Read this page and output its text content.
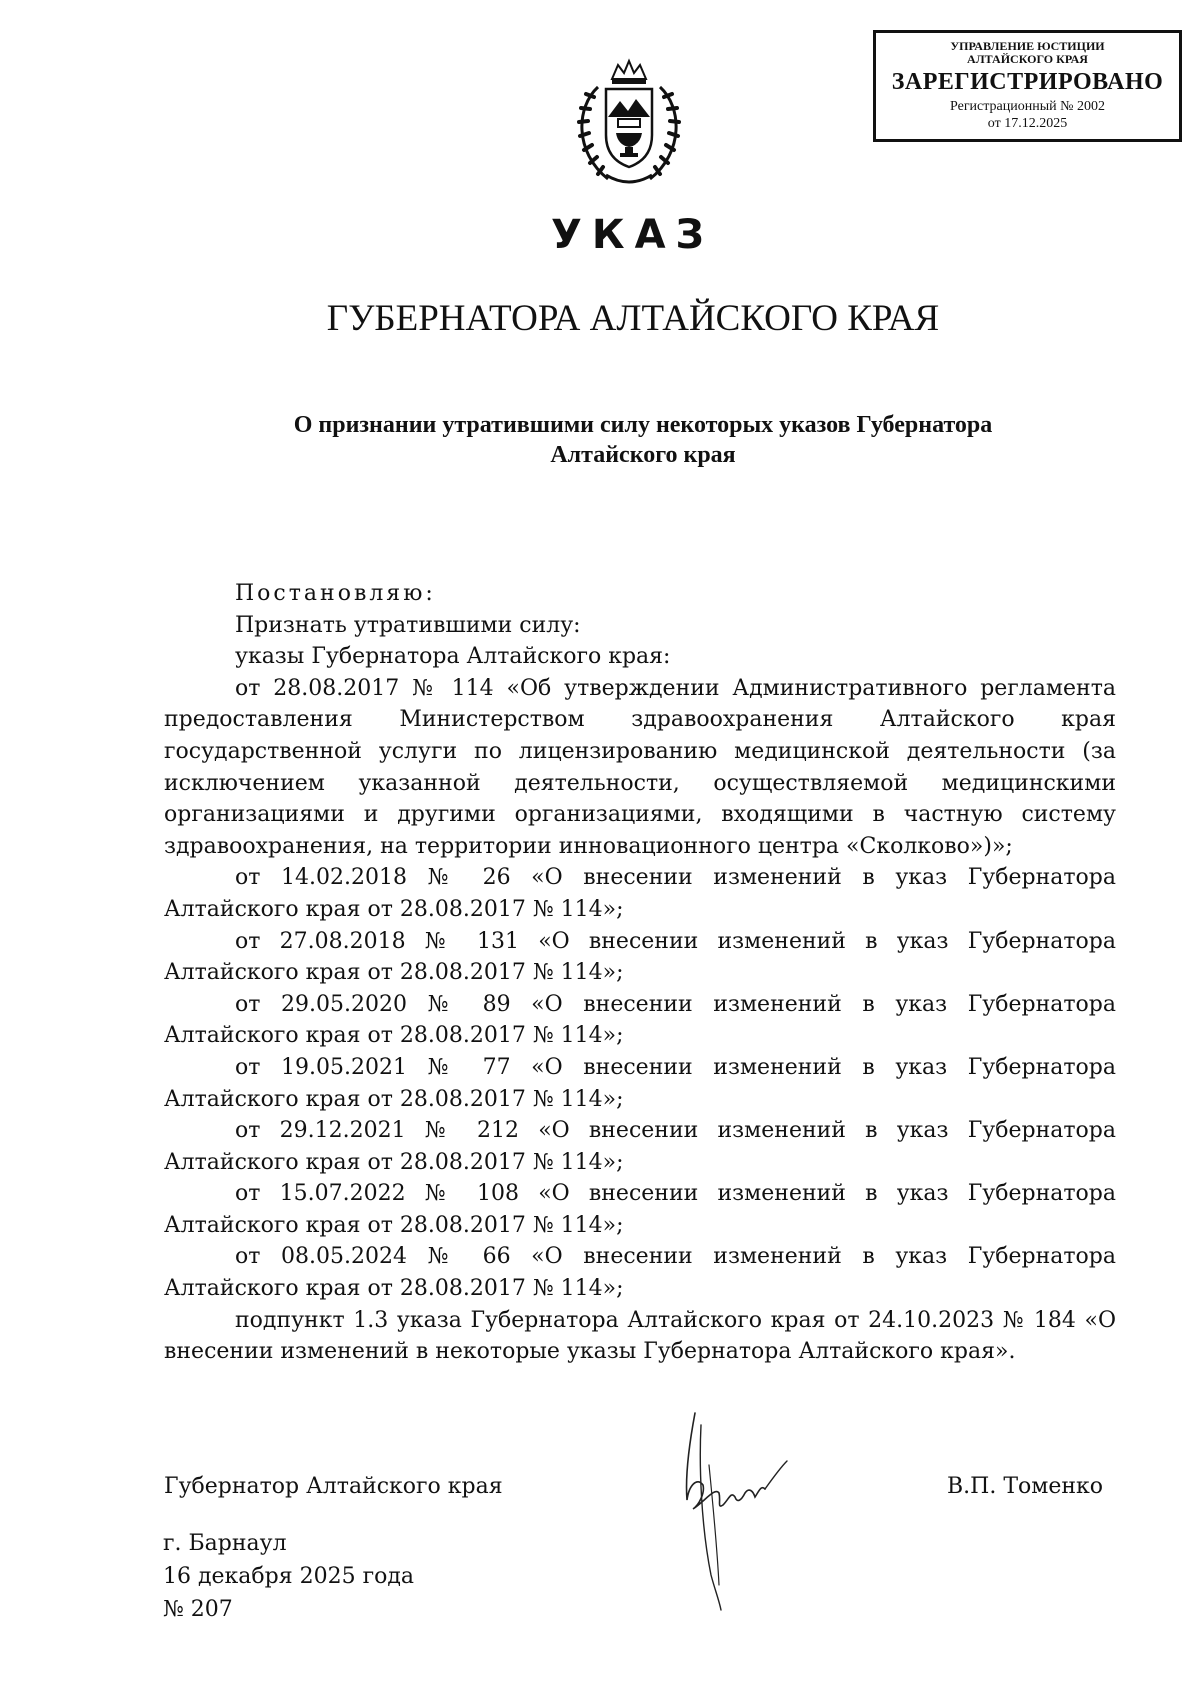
УПРАВЛЕНИЕ ЮСТИЦИИ
АЛТАЙСКОГО КРАЯ
ЗАРЕГИСТРИРОВАНО
Регистрационный № 2002
от 17.12.2025
УКАЗ
ГУБЕРНАТОРА АЛТАЙСКОГО КРАЯ
О признании утратившими силу некоторых указов Губернатора
Алтайского края

Постановляю:

Признать утратившими силу:

указы Губернатора Алтайского края:

от 28.08.2017 № 114 «Об утверждении Административного регламента предоставления Министерством здравоохранения Алтайского края государственной услуги по лицензированию медицинской деятельности (за исключением указанной деятельности, осуществляемой медицинскими организациями и другими организациями, входящими в частную систему здравоохранения, на территории инновационного центра «Сколково»)»;

от 14.02.2018 № 26 «О внесении изменений в указ Губернатора Алтайского края от 28.08.2017 № 114»;

от 27.08.2018 № 131 «О внесении изменений в указ Губернатора Алтайского края от 28.08.2017 № 114»;

от 29.05.2020 № 89 «О внесении изменений в указ Губернатора Алтайского края от 28.08.2017 № 114»;

от 19.05.2021 № 77 «О внесении изменений в указ Губернатора Алтайского края от 28.08.2017 № 114»;

от 29.12.2021 № 212 «О внесении изменений в указ Губернатора Алтайского края от 28.08.2017 № 114»;

от 15.07.2022 № 108 «О внесении изменений в указ Губернатора Алтайского края от 28.08.2017 № 114»;

от 08.05.2024 № 66 «О внесении изменений в указ Губернатора Алтайского края от 28.08.2017 № 114»;

подпункт 1.3 указа Губернатора Алтайского края от 24.10.2023 № 184 «О внесении изменений в некоторые указы Губернатора Алтайского края».

Губернатор Алтайского края	В.П. Томенко
г. Барнаул
16 декабря 2025 года
№ 207
